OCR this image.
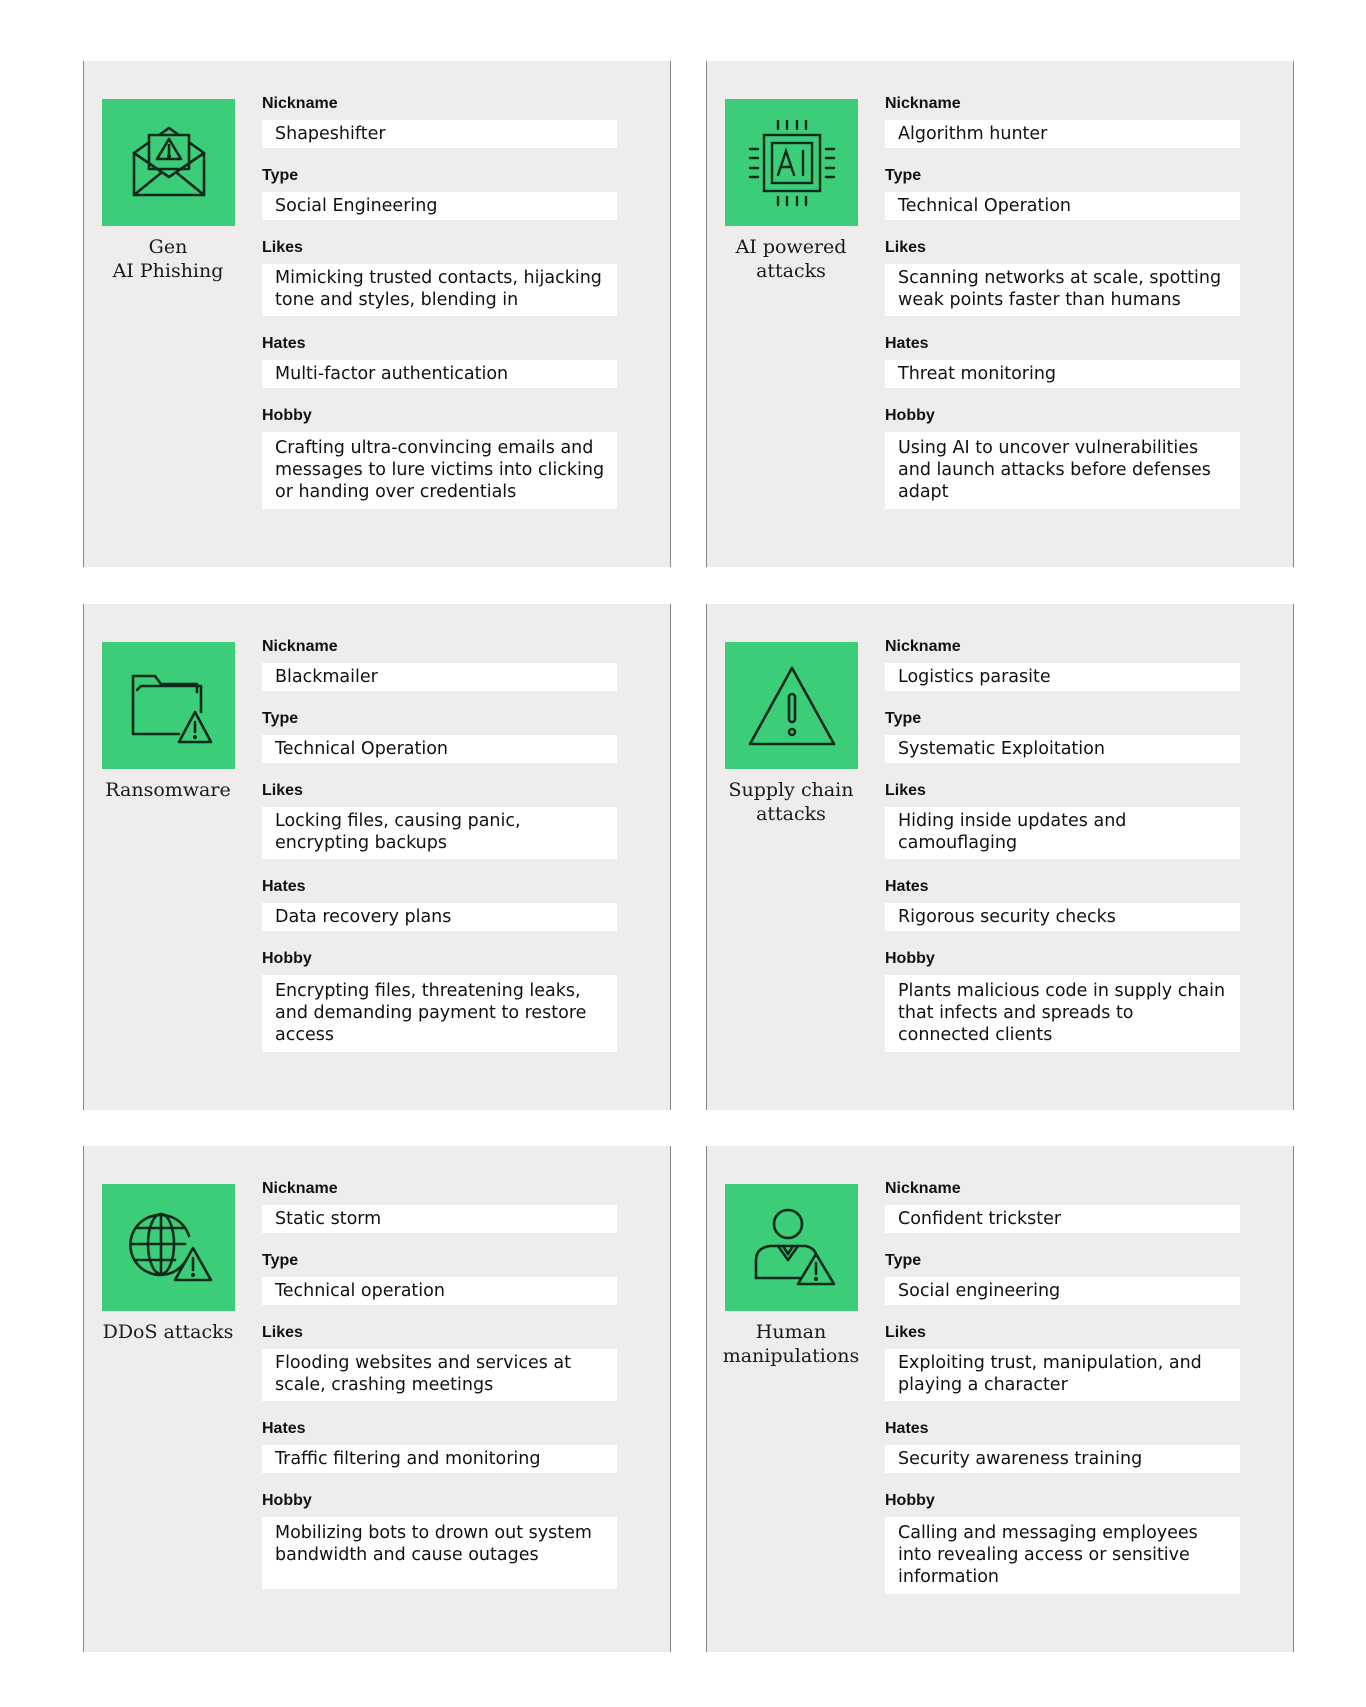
Gen
AI Phishing
Nickname
Shapeshifter
Type
Social Engineering
Likes
Mimicking trusted contacts, hijacking tone and styles, blending in
Hates
Multi-factor authentication
Hobby
Crafting ultra-convincing emails and messages to lure victims into clicking or handing over credentials
AI powered
attacks
Nickname
Algorithm hunter
Type
Technical Operation
Likes
Scanning networks at scale, spotting weak points faster than humans
Hates
Threat monitoring
Hobby
Using AI to uncover vulnerabilities and launch attacks before defenses adapt
Ransomware
Nickname
Blackmailer
Type
Technical Operation
Likes
Locking files, causing panic, encrypting backups
Hates
Data recovery plans
Hobby
Encrypting files, threatening leaks, and demanding payment to restore access
Supply chain
attacks
Nickname
Logistics parasite
Type
Systematic Exploitation
Likes
Hiding inside updates and camouflaging
Hates
Rigorous security checks
Hobby
Plants malicious code in supply chain that infects and spreads to connected clients
DDoS attacks
Nickname
Static storm
Type
Technical operation
Likes
Flooding websites and services at scale, crashing meetings
Hates
Traffic filtering and monitoring
Hobby
Mobilizing bots to drown out system bandwidth and cause outages
Human
manipulations
Nickname
Confident trickster
Type
Social engineering
Likes
Exploiting trust, manipulation, and playing a character
Hates
Security awareness training
Hobby
Calling and messaging employees into revealing access or sensitive information
